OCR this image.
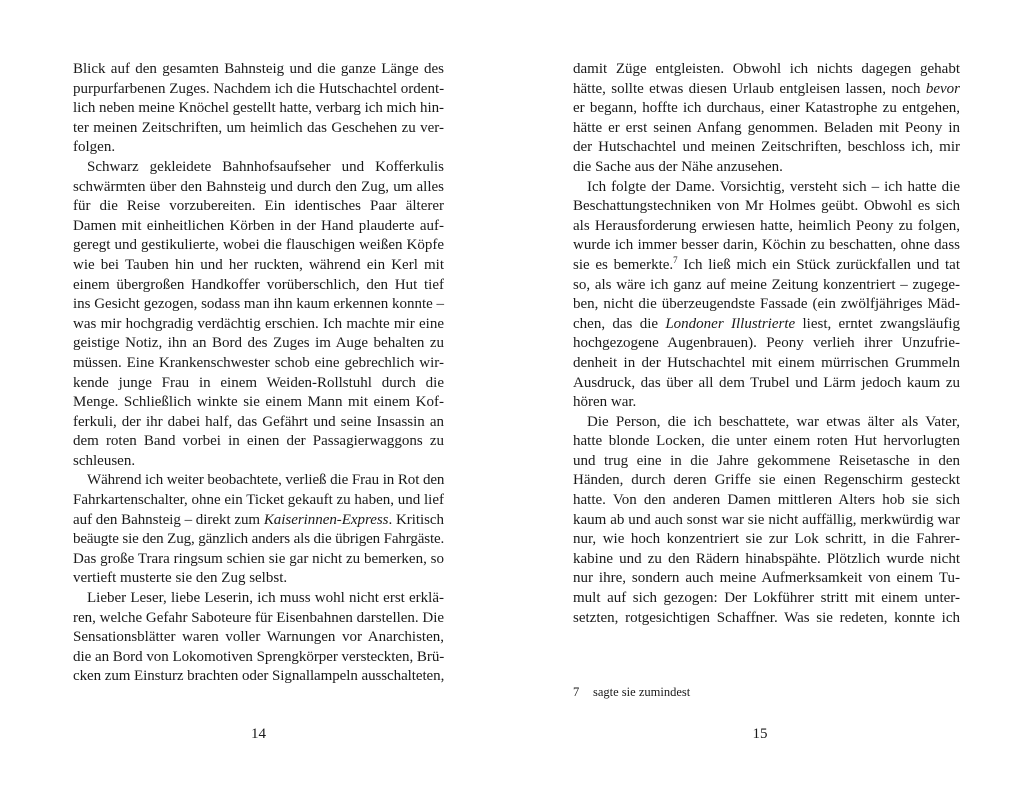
Blick auf den gesamten Bahnsteig und die ganze Länge des
purpurfarbenen Zuges. Nachdem ich die Hutschachtel ordent-
lich neben meine Knöchel gestellt hatte, verbarg ich mich hin-
ter meinen Zeitschriften, um heimlich das Geschehen zu ver-
folgen.
Schwarz gekleidete Bahnhofsaufseher und Kofferkulis
schwärmten über den Bahnsteig und durch den Zug, um alles
für die Reise vorzubereiten. Ein identisches Paar älterer
Damen mit einheitlichen Körben in der Hand plauderte auf-
geregt und gestikulierte, wobei die flauschigen weißen Köpfe
wie bei Tauben hin und her ruckten, während ein Kerl mit
einem übergroßen Handkoffer vorüberschlich, den Hut tief
ins Gesicht gezogen, sodass man ihn kaum erkennen konnte –
was mir hochgradig verdächtig erschien. Ich machte mir eine
geistige Notiz, ihn an Bord des Zuges im Auge behalten zu
müssen. Eine Krankenschwester schob eine gebrechlich wir-
kende junge Frau in einem Weiden-Rollstuhl durch die
Menge. Schließlich winkte sie einem Mann mit einem Kof-
ferkuli, der ihr dabei half, das Gefährt und seine Insassin an
dem roten Band vorbei in einen der Passagierwaggons zu
schleusen.
Während ich weiter beobachtete, verließ die Frau in Rot den
Fahrkartenschalter, ohne ein Ticket gekauft zu haben, und lief
auf den Bahnsteig – direkt zum Kaiserinnen-Express. Kritisch
beäugte sie den Zug, gänzlich anders als die übrigen Fahrgäste.
Das große Trara ringsum schien sie gar nicht zu bemerken, so
vertieft musterte sie den Zug selbst.
Lieber Leser, liebe Leserin, ich muss wohl nicht erst erklä-
ren, welche Gefahr Saboteure für Eisenbahnen darstellen. Die
Sensationsblätter waren voller Warnungen vor Anarchisten,
die an Bord von Lokomotiven Sprengkörper versteckten, Brü-
cken zum Einsturz brachten oder Signallampeln ausschalteten,
14
damit Züge entgleisten. Obwohl ich nichts dagegen gehabt
hätte, sollte etwas diesen Urlaub entgleisen lassen, noch bevor
er begann, hoffte ich durchaus, einer Katastrophe zu entgehen,
hätte er erst seinen Anfang genommen. Beladen mit Peony in
der Hutschachtel und meinen Zeitschriften, beschloss ich, mir
die Sache aus der Nähe anzusehen.
Ich folgte der Dame. Vorsichtig, versteht sich – ich hatte die
Beschattungstechniken von Mr Holmes geübt. Obwohl es sich
als Herausforderung erwiesen hatte, heimlich Peony zu folgen,
wurde ich immer besser darin, Köchin zu beschatten, ohne dass
sie es bemerkte.$^7$ Ich ließ mich ein Stück zurückfallen und tat
so, als wäre ich ganz auf meine Zeitung konzentriert – zugege-
ben, nicht die überzeugendste Fassade (ein zwölfjähriges Mäd-
chen, das die Londoner Illustrierte liest, erntet zwangsläufig
hochgezogene Augenbrauen). Peony verlieh ihrer Unzufrie-
denheit in der Hutschachtel mit einem mürrischen Grummeln
Ausdruck, das über all dem Trubel und Lärm jedoch kaum zu
hören war.
Die Person, die ich beschattete, war etwas älter als Vater,
hatte blonde Locken, die unter einem roten Hut hervorlugten
und trug eine in die Jahre gekommene Reisetasche in den
Händen, durch deren Griffe sie einen Regenschirm gesteckt
hatte. Von den anderen Damen mittleren Alters hob sie sich
kaum ab und auch sonst war sie nicht auffällig, merkwürdig war
nur, wie hoch konzentriert sie zur Lok schritt, in die Fahrer-
kabine und zu den Rädern hinabspähte. Plötzlich wurde nicht
nur ihre, sondern auch meine Aufmerksamkeit von einem Tu-
mult auf sich gezogen: Der Lokführer stritt mit einem unter-
setzten, rotgesichtigen Schaffner. Was sie redeten, konnte ich
7 sagte sie zumindest
15
